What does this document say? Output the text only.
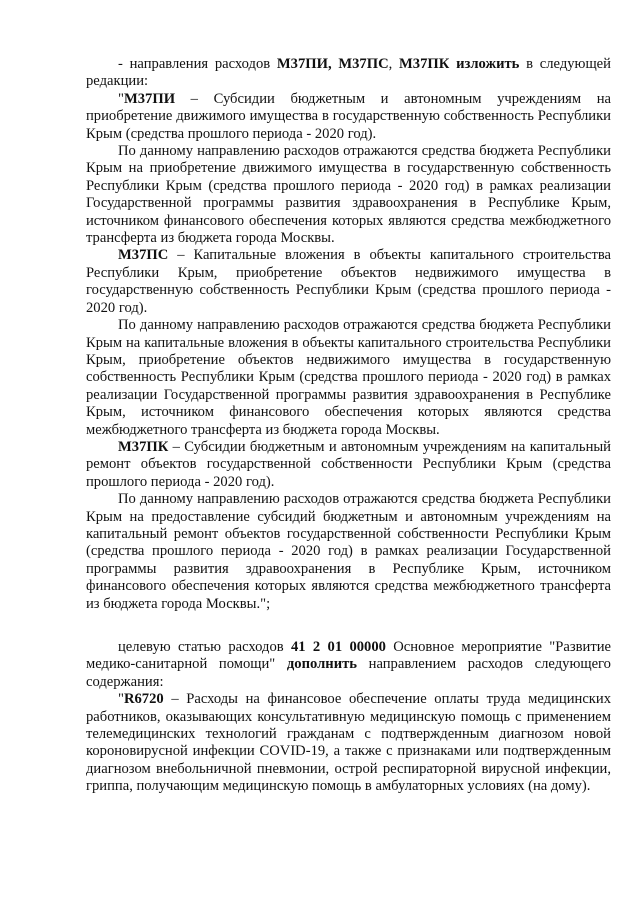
- направления расходов М37ПИ, М37ПС, М37ПК изложить в следующей редакции:

"М37ПИ – Субсидии бюджетным и автономным учреждениям на приобретение движимого имущества в государственную собственность Республики Крым (средства прошлого периода - 2020 год).

По данному направлению расходов отражаются средства бюджета Республики Крым на приобретение движимого имущества в государственную собственность Республики Крым (средства прошлого периода - 2020 год) в рамках реализации Государственной программы развития здравоохранения в Республике Крым, источником финансового обеспечения которых являются средства межбюджетного трансферта из бюджета города Москвы.

М37ПС – Капитальные вложения в объекты капитального строительства Республики Крым, приобретение объектов недвижимого имущества в государственную собственность Республики Крым (средства прошлого периода - 2020 год).

По данному направлению расходов отражаются средства бюджета Республики Крым на капитальные вложения в объекты капитального строительства Республики Крым, приобретение объектов недвижимого имущества в государственную собственность Республики Крым (средства прошлого периода - 2020 год) в рамках реализации Государственной программы развития здравоохранения в Республике Крым, источником финансового обеспечения которых являются средства межбюджетного трансферта из бюджета города Москвы.

М37ПК – Субсидии бюджетным и автономным учреждениям на капитальный ремонт объектов государственной собственности Республики Крым (средства прошлого периода - 2020 год).

По данному направлению расходов отражаются средства бюджета Республики Крым на предоставление субсидий бюджетным и автономным учреждениям на капитальный ремонт объектов государственной собственности Республики Крым (средства прошлого периода - 2020 год) в рамках реализации Государственной программы развития здравоохранения в Республике Крым, источником финансового обеспечения которых являются средства межбюджетного трансферта из бюджета города Москвы.";

целевую статью расходов 41 2 01 00000 Основное мероприятие "Развитие медико-санитарной помощи" дополнить направлением расходов следующего содержания:

"R6720 – Расходы на финансовое обеспечение оплаты труда медицинских работников, оказывающих консультативную медицинскую помощь с применением телемедицинских технологий гражданам с подтвержденным диагнозом новой короновирусной инфекции COVID-19, а также с признаками или подтвержденным диагнозом внебольничной пневмонии, острой респираторной вирусной инфекции, гриппа, получающим медицинскую помощь в амбулаторных условиях (на дому).
